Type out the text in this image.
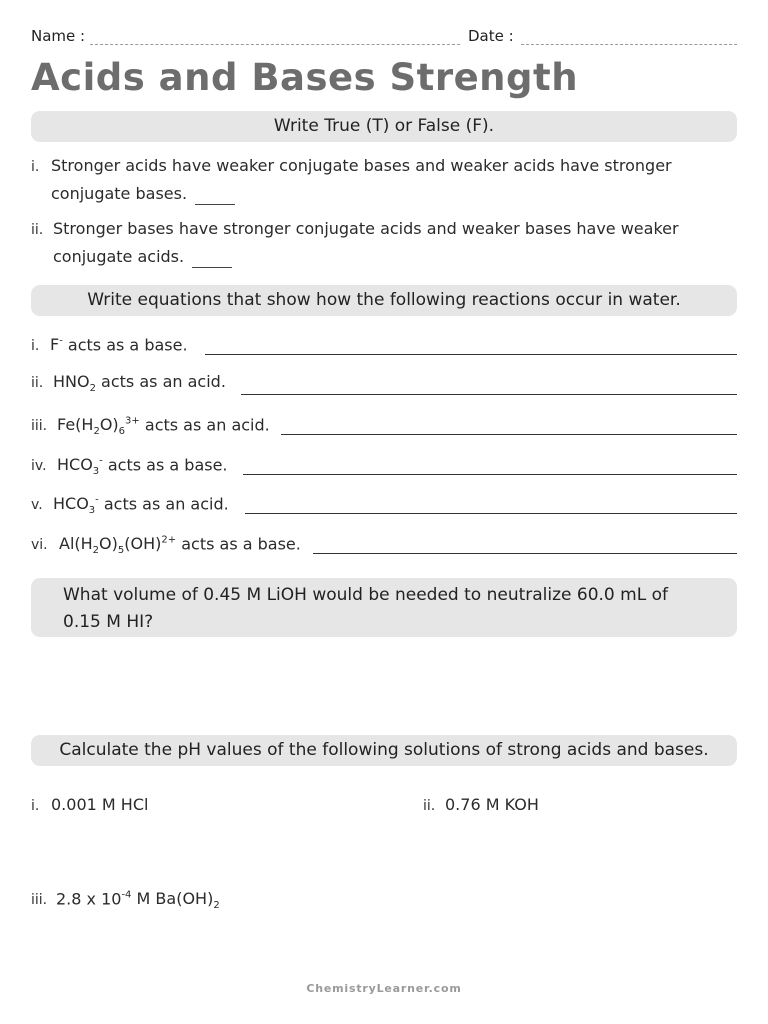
Name :	Date :
Acids and Bases Strength
Write True (T) or False (F).
i. Stronger acids have weaker conjugate bases and weaker acids have stronger
conjugate bases.
ii. Stronger bases have stronger conjugate acids and weaker bases have weaker
conjugate acids.
Write equations that show how the following reactions occur in water.
i. F- acts as a base.
ii. $HNO_2$ acts as an acid.
iii. $Fe(H_2O)_6^{3+}$ acts as an acid.
iv. $HCO_3^-$ acts as a base.
v. $HCO_3^-$ acts as an acid.
vi. $Al(H_2O)_5(OH)^{2+}$ acts as a base.
What volume of 0.45 M LiOH would be needed to neutralize 60.0 mL of
0.15 M HI?
Calculate the pH values of the following solutions of strong acids and bases.
i. 0.001 M HCl	ii. 0.76 M KOH
iii. 2.8 x $10^{-4}$ M $Ba(OH)_2$
ChemistryLearner.com
